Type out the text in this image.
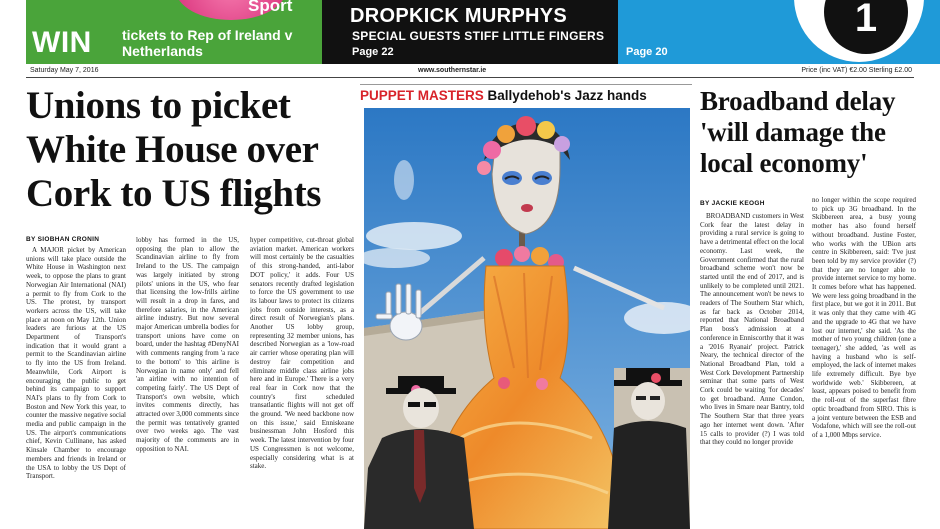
Sport
WIN tickets to Rep of Ireland v Netherlands
DROPKICK MURPHYS
SPECIAL GUESTS STIFF LITTLE FINGERS
Page 22	Page 20
1
Saturday May 7, 2016	www.southernstar.ie	Price (inc VAT) €2.00 Sterling £2.00
Unions to picket White House over Cork to US flights
BY SIOBHAN CRONIN

A MAJOR picket by American unions will take place outside the White House in Washington next week, to oppose the plans to grant Norwegian Air International (NAI) a permit to fly from Cork to the US. The protest, by transport workers across the US, will take place at noon on May 12th. Union leaders are furious at the US Department of Transport's indication that it would grant a permit to the Scandinavian airline to fly into the US from Ireland. Meanwhile, Cork Airport is encouraging the public to get behind its campaign to support NAI's plans to fly from Cork to Boston and New York this year, to counter the massive negative social media and public campaign in the US. The airport's communications chief, Kevin Cullinane, has asked Kinsale Chamber to encourage members and friends in Ireland or the USA to lobby the US Dept of Transport.

lobby has formed in the US, opposing the plan to allow the Scandinavian airline to fly from Ireland to the US. The campaign was largely initiated by strong pilots' unions in the US, who fear that licensing the low-frills airline will result in a drop in fares, and therefore salaries, in the American airline industry. But now several major American umbrella bodies for transport unions have come on board, under the hashtag #DenyNAI with comments ranging from 'a race to the bottom' to 'this airline is Norwegian in name only' and fell 'an airline with no intention of competing fairly'. The US Dept of Transport's own website, which invites comments directly, has attracted over 3,000 comments since the permit was tentatively granted over two weeks ago. The vast majority of the comments are in opposition to NAI.

hyper competitive, cut-throat global aviation market. American workers will most certainly be the casualties of this strong-handed, anti-labor DOT policy,' it adds. Four US senators recently drafted legislation to force the US government to use its labour laws to protect its citizens jobs from outside interests, as a direct result of Norwegian's plans. Another US lobby group, representing 32 member unions, has described Norwegian as a 'low-road air carrier whose operating plan will destroy fair competition and eliminate middle class airline jobs here and in Europe.' There is a very real fear in Cork now that the country's first scheduled transatlantic flights will not get off the ground. 'We need backbone now on this issue,' said Enniskeane businessman John Hosford this week. The latest intervention by four US Congressmen is not welcome, especially considering what is at stake.

PUPPET MASTERS Ballydehob's Jazz hands	Broadband delay 'will damage the local economy'
BY JACKIE KEOGH

BROADBAND customers in West Cork fear the latest delay in providing a rural service is going to have a detrimental effect on the local economy. Last week, the Government confirmed that the rural broadband scheme won't now be started until the end of 2017, and is unlikely to be completed until 2021. The announcement won't be news to readers of The Southern Star which, as far back as October 2014, reported that National Broadband Plan boss's admission at a conference in Enniscorthy that it was a '2016 Ryanair' project. Patrick Neary, the technical director of the National Broadband Plan, told a West Cork Development Partnership seminar that some parts of West Cork could be waiting 'for decades' to get broadband. Anne Condon, who lives in Smare near Bantry, told The Southern Star that three years ago her internet went down. 'After 15 calls to provider (?) I was told that they could no longer provide

no longer within the scope required to pick up 3G broadband. In the Skibbereen area, a busy young mother has also found herself without broadband. Justine Foster, who works with the UBion arts centre in Skibbereen, said: 'I've just been told by my service provider (?) that they are no longer able to provide internet service to my home. It comes before what has happened. We were less going broadband in the first place, but we got it in 2011. But it was only that they came with 4G and the upgrade to 4G that we have lost our internet,' she said. 'As the mother of two young children (one a teenager),' she added, 'as well as having a husband who is self-employed, the lack of internet makes life extremely difficult. Bye bye worldwide web.' Skibbereen, at least, appears poised to benefit from the roll-out of the superfast fibre optic broadband from SIRO. This is a joint venture between the ESB and Vodafone, which will see the roll-out of a 1,000 Mbps service.
